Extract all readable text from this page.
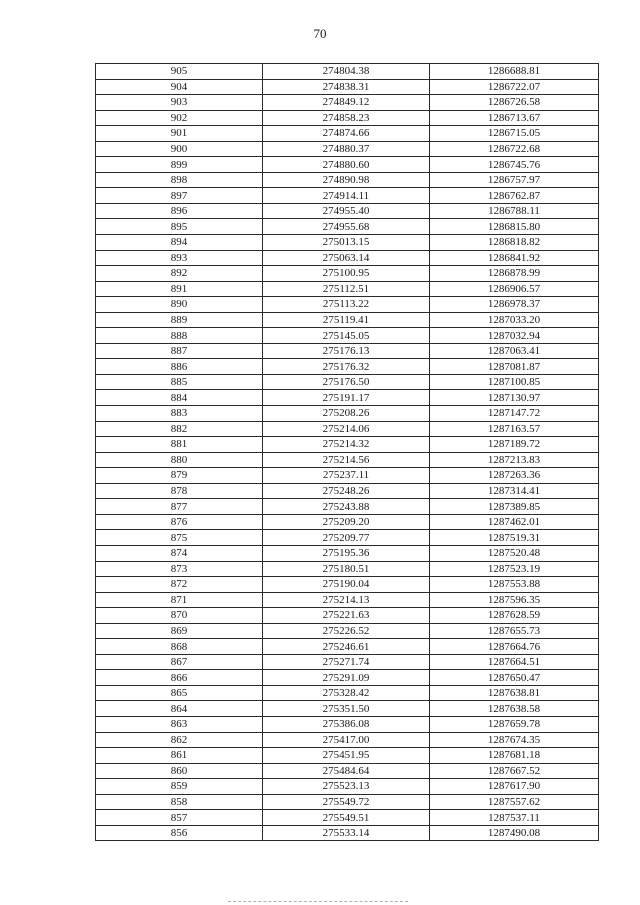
70
905	274804.38	1286688.81
904	274838.31	1286722.07
903	274849.12	1286726.58
902	274858.23	1286713.67
901	274874.66	1286715.05
900	274880.37	1286722.68
899	274880.60	1286745.76
898	274890.98	1286757.97
897	274914.11	1286762.87
896	274955.40	1286788.11
895	274955.68	1286815.80
894	275013.15	1286818.82
893	275063.14	1286841.92
892	275100.95	1286878.99
891	275112.51	1286906.57
890	275113.22	1286978.37
889	275119.41	1287033.20
888	275145.05	1287032.94
887	275176.13	1287063.41
886	275176.32	1287081.87
885	275176.50	1287100.85
884	275191.17	1287130.97
883	275208.26	1287147.72
882	275214.06	1287163.57
881	275214.32	1287189.72
880	275214.56	1287213.83
879	275237.11	1287263.36
878	275248.26	1287314.41
877	275243.88	1287389.85
876	275209.20	1287462.01
875	275209.77	1287519.31
874	275195.36	1287520.48
873	275180.51	1287523.19
872	275190.04	1287553.88
871	275214.13	1287596.35
870	275221.63	1287628.59
869	275226.52	1287655.73
868	275246.61	1287664.76
867	275271.74	1287664.51
866	275291.09	1287650.47
865	275328.42	1287638.81
864	275351.50	1287638.58
863	275386.08	1287659.78
862	275417.00	1287674.35
861	275451.95	1287681.18
860	275484.64	1287667.52
859	275523.13	1287617.90
858	275549.72	1287557.62
857	275549.51	1287537.11
856	275533.14	1287490.08
